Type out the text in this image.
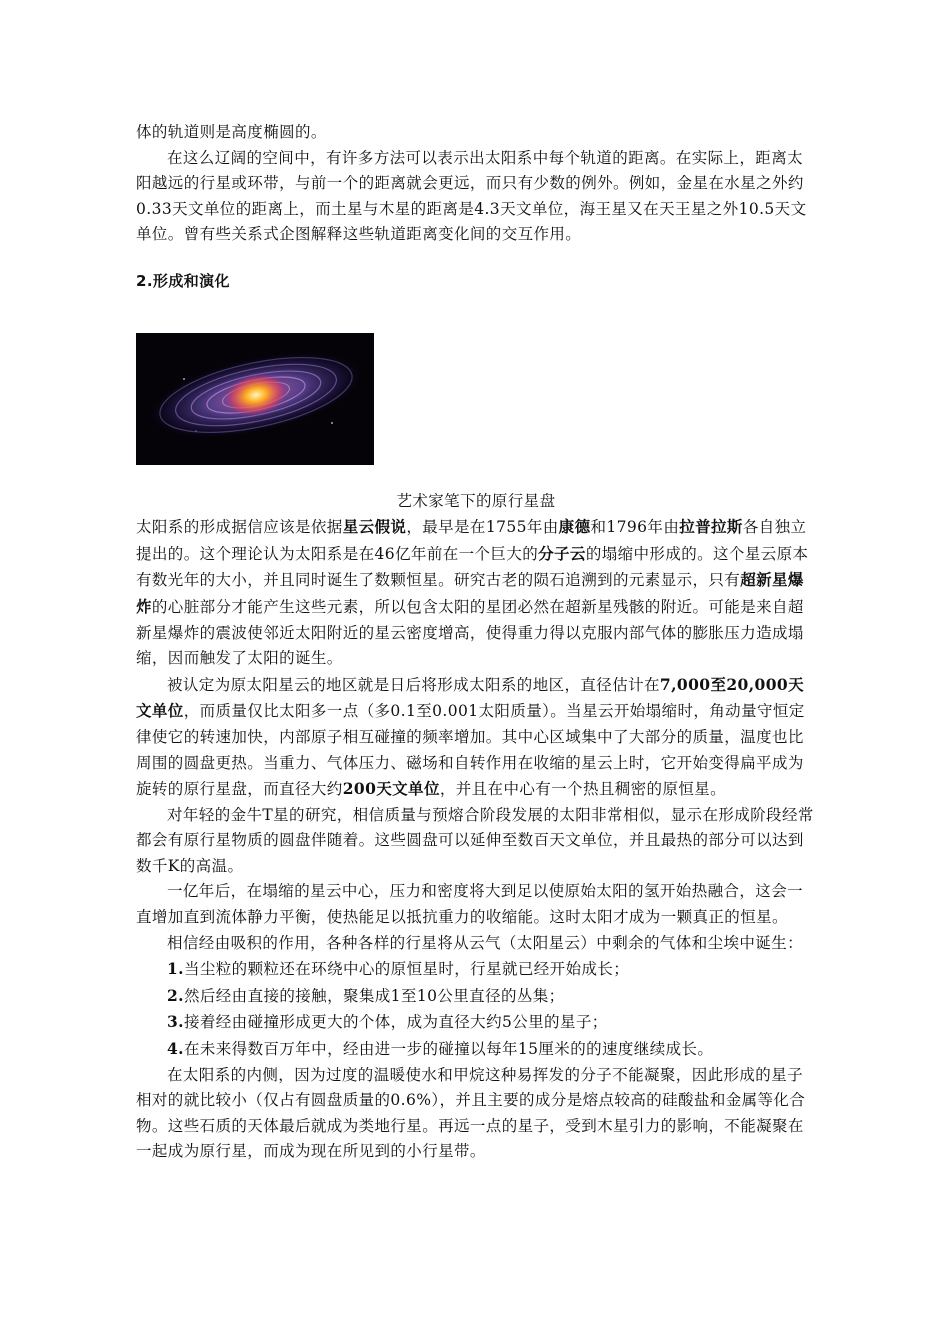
体的轨道则是高度椭圆的。

在这么辽阔的空间中，有许多方法可以表示出太阳系中每个轨道的距离。在实际上，距离太阳越远的行星或环带，与前一个的距离就会更远，而只有少数的例外。例如，金星在水星之外约0.33天文单位的距离上，而土星与木星的距离是4.3天文单位，海王星又在天王星之外10.5天文单位。曾有些关系式企图解释这些轨道距离变化间的交互作用。

2.形成和演化

艺术家笔下的原行星盘

太阳系的形成据信应该是依据星云假说，最早是在1755年由康德和1796年由拉普拉斯各自独立提出的。这个理论认为太阳系是在46亿年前在一个巨大的分子云的塌缩中形成的。这个星云原本有数光年的大小，并且同时诞生了数颗恒星。研究古老的陨石追溯到的元素显示，只有超新星爆炸的心脏部分才能产生这些元素，所以包含太阳的星团必然在超新星残骸的附近。可能是来自超新星爆炸的震波使邻近太阳附近的星云密度增高，使得重力得以克服内部气体的膨胀压力造成塌缩，因而触发了太阳的诞生。

被认定为原太阳星云的地区就是日后将形成太阳系的地区，直径估计在7,000至20,000天文单位，而质量仅比太阳多一点（多0.1至0.001太阳质量）。当星云开始塌缩时，角动量守恒定律使它的转速加快，内部原子相互碰撞的频率增加。其中心区域集中了大部分的质量，温度也比周围的圆盘更热。当重力、气体压力、磁场和自转作用在收缩的星云上时，它开始变得扁平成为旋转的原行星盘，而直径大约200天文单位，并且在中心有一个热且稠密的原恒星。

对年轻的金牛T星的研究，相信质量与预熔合阶段发展的太阳非常相似，显示在形成阶段经常都会有原行星物质的圆盘伴随着。这些圆盘可以延伸至数百天文单位，并且最热的部分可以达到数千K的高温。

一亿年后，在塌缩的星云中心，压力和密度将大到足以使原始太阳的氢开始热融合，这会一直增加直到流体静力平衡，使热能足以抵抗重力的收缩能。这时太阳才成为一颗真正的恒星。

相信经由吸积的作用，各种各样的行星将从云气（太阳星云）中剩余的气体和尘埃中诞生：

1.当尘粒的颗粒还在环绕中心的原恒星时，行星就已经开始成长；

2.然后经由直接的接触，聚集成1至10公里直径的丛集；

3.接着经由碰撞形成更大的个体，成为直径大约5公里的星子；

4.在未来得数百万年中，经由进一步的碰撞以每年15厘米的的速度继续成长。

在太阳系的内侧，因为过度的温暖使水和甲烷这种易挥发的分子不能凝聚，因此形成的星子相对的就比较小（仅占有圆盘质量的0.6%），并且主要的成分是熔点较高的硅酸盐和金属等化合物。这些石质的天体最后就成为类地行星。再远一点的星子，受到木星引力的影响，不能凝聚在一起成为原行星，而成为现在所见到的小行星带。
